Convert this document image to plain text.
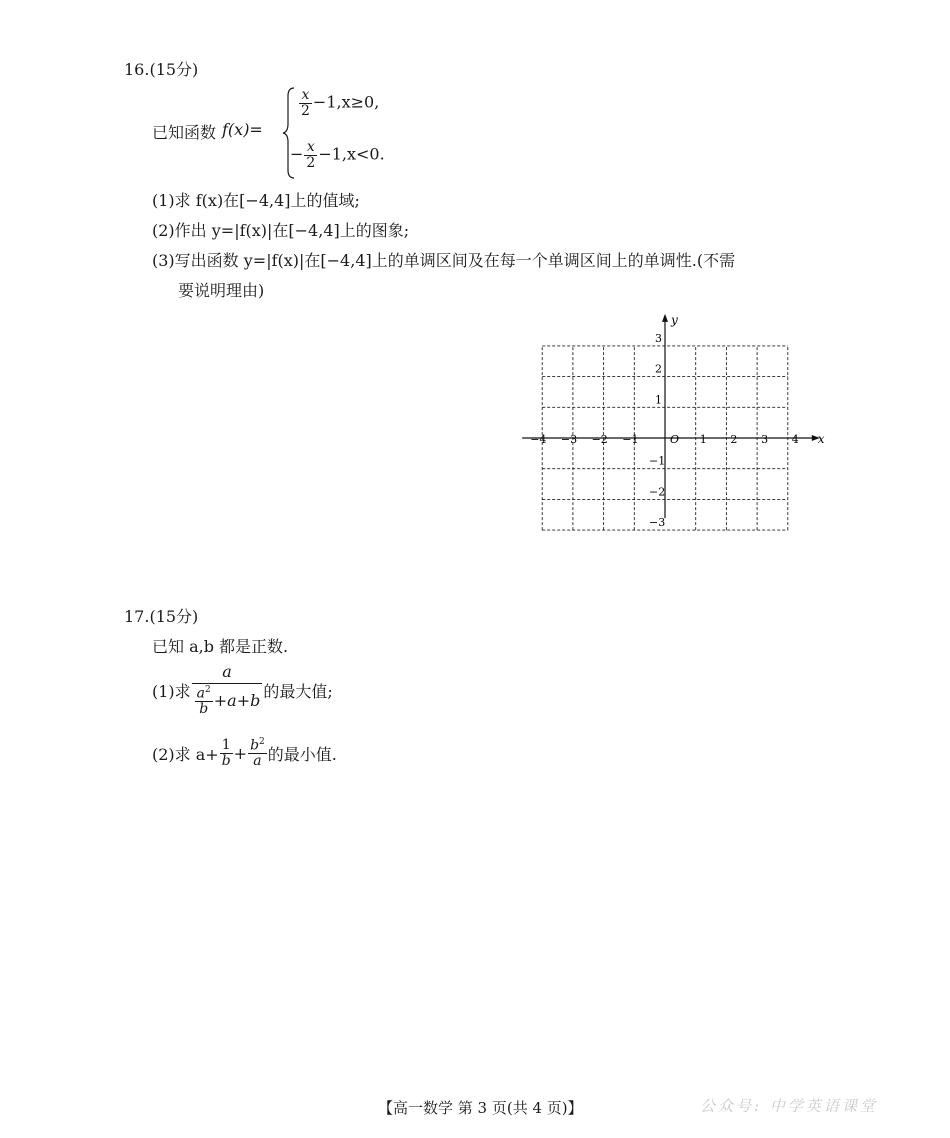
16.(15分)
已知函数 f(x)=
$\frac{x}{2} -1,x\ge 0$,
− $\frac{x}{2} -1,x<0$.
(1)求 f(x)在[−4,4]上的值域;
(2)作出 y=|f(x)|在[−4,4]上的图象;
(3)写出函数 y=|f(x)|在[−4,4]上的单调区间及在每一个单调区间上的单调性.(不需
要说明理由)
x
y
O
−4 −3 −2 −1	1 2 3 4
3
2
1
−1
−2
−3
17.(15分)
已知 a,b 都是正数.
(1)求 $\frac{a}{\frac{a^2}{b} +a+b}$ 的最大值;
(2)求 $a+ \frac{1}{b} + \frac{b^2}{a}$ 的最小值.
【高一数学 第 3 页(共 4 页)】	公众号: 中学英语课堂
